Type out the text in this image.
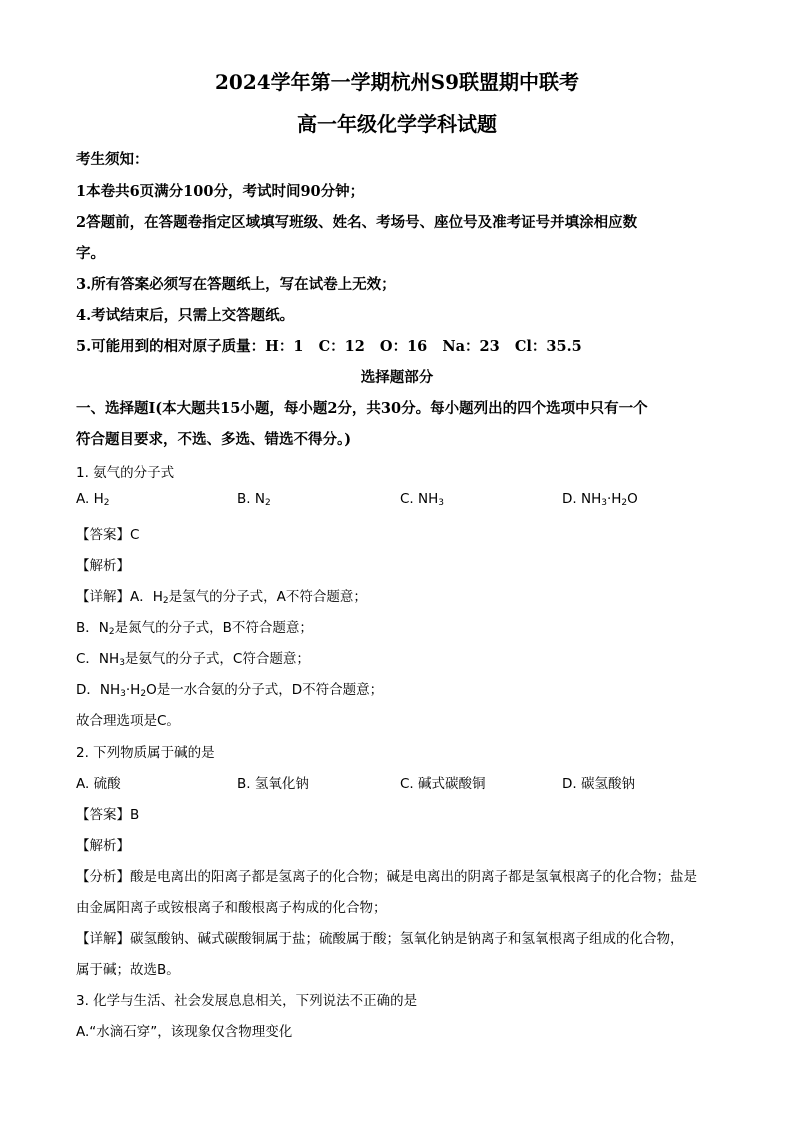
2024学年第一学期杭州S9联盟期中联考
高一年级化学学科试题
考生须知：
1本卷共6页满分100分，考试时间90分钟；
2答题前，在答题卷指定区域填写班级、姓名、考场号、座位号及准考证号并填涂相应数
字。
3.所有答案必须写在答题纸上，写在试卷上无效；
4.考试结束后，只需上交答题纸。
5.可能用到的相对原子质量：H：1   C：12   O：16   Na：23   Cl：35.5
选择题部分
一、选择题I(本大题共15小题，每小题2分，共30分。每小题列出的四个选项中只有一个
符合题目要求，不选、多选、错选不得分。)
1. 氨气的分子式
A. $H_2$	B. $N_2$	C. $NH_3$	D. $NH_3\cdot H_2O$
【答案】C
【解析】
【详解】A．$H_2$是氢气的分子式，A不符合题意；
B．$N_2$是氮气的分子式，B不符合题意；
C．$NH_3$是氨气的分子式，C符合题意；
D．$NH_3\cdot H_2O$是一水合氨的分子式，D不符合题意；
故合理选项是C。
2. 下列物质属于碱的是
A. 硫酸	B. 氢氧化钠	C. 碱式碳酸铜	D. 碳氢酸钠
【答案】B
【解析】
【分析】酸是电离出的阳离子都是氢离子的化合物；碱是电离出的阴离子都是氢氧根离子的化合物；盐是
由金属阳离子或铵根离子和酸根离子构成的化合物；
【详解】碳氢酸钠、碱式碳酸铜属于盐；硫酸属于酸；氢氧化钠是钠离子和氢氧根离子组成的化合物，
属于碱；故选B。
3. 化学与生活、社会发展息息相关，下列说法不正确的是
A.“水滴石穿”，该现象仅含物理变化
